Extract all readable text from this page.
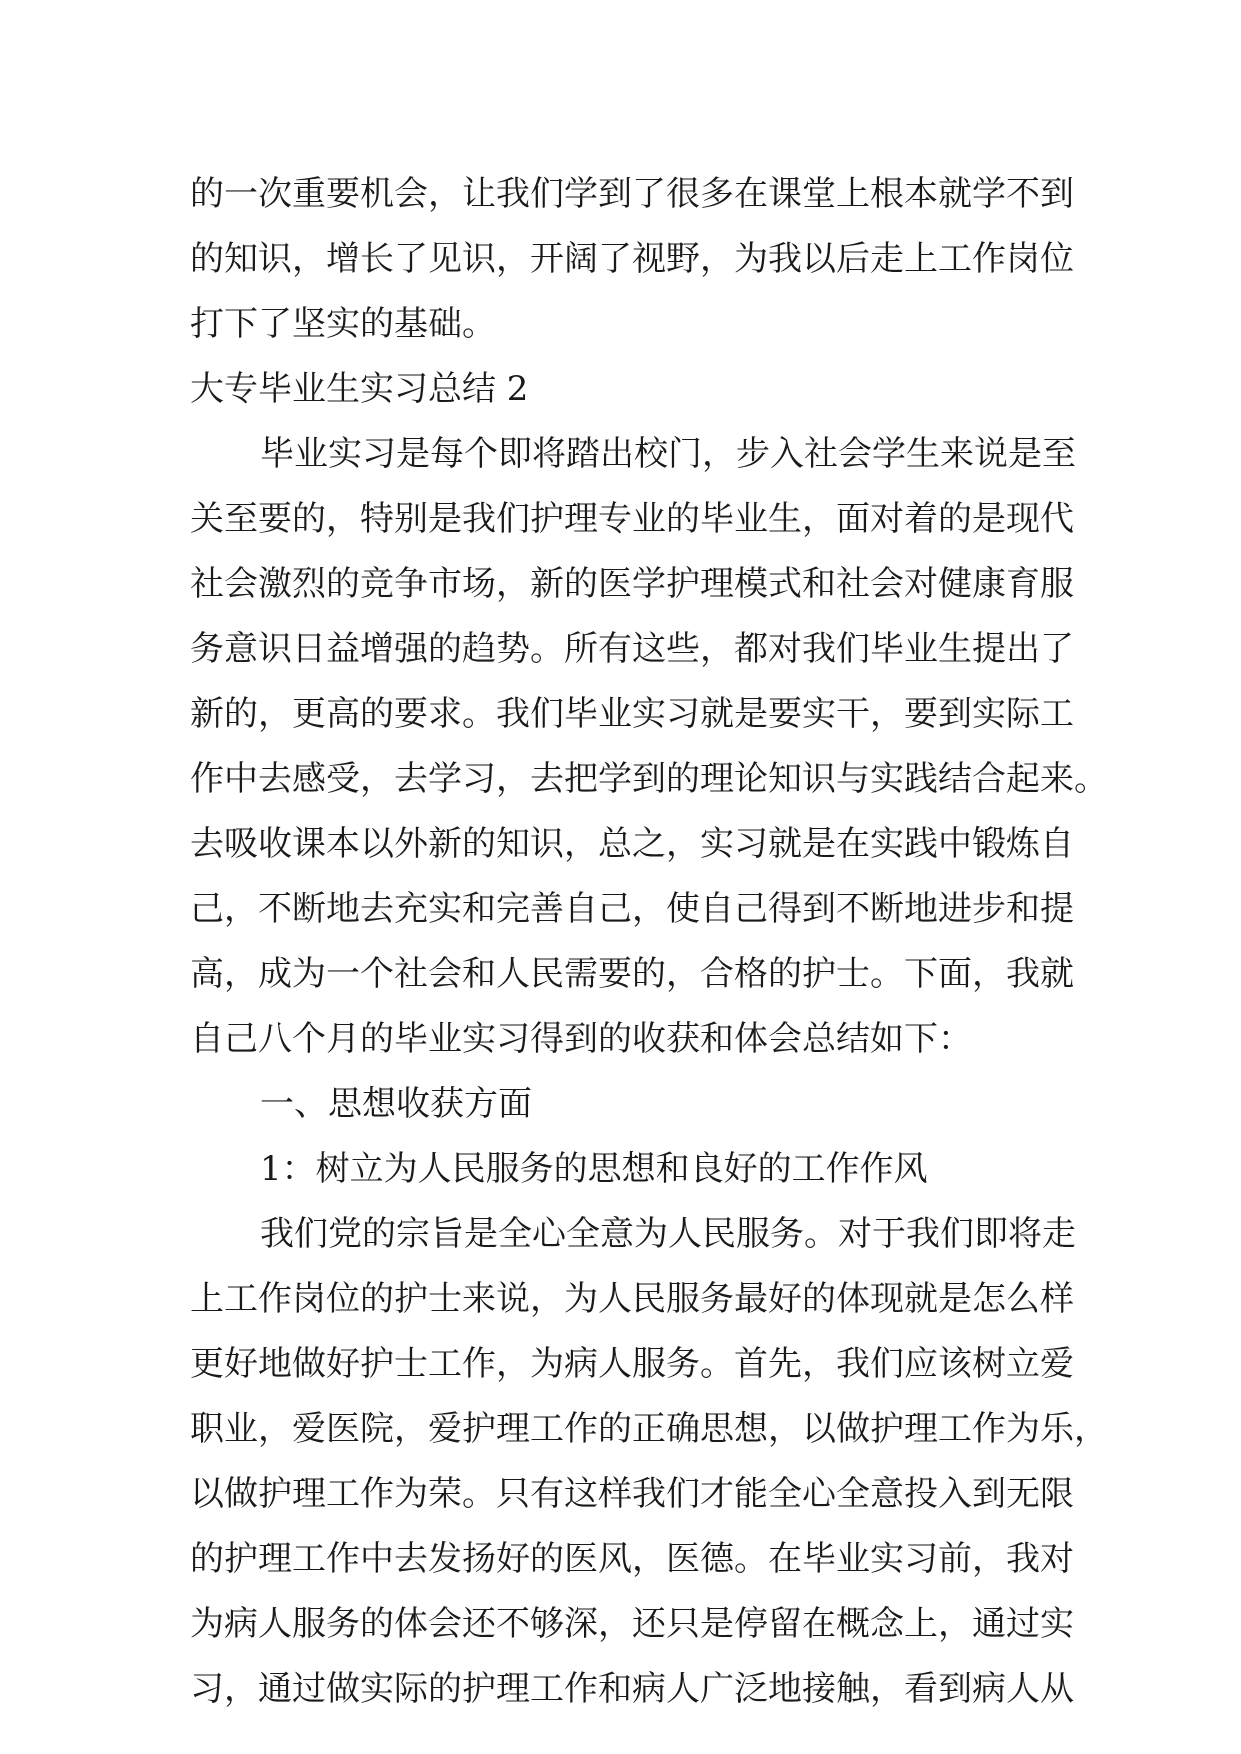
的一次重要机会，让我们学到了很多在课堂上根本就学不到
的知识，增长了见识，开阔了视野，为我以后走上工作岗位
打下了坚实的基础。
大专毕业生实习总结 2
毕业实习是每个即将踏出校门，步入社会学生来说是至
关至要的，特别是我们护理专业的毕业生，面对着的是现代
社会激烈的竞争市场，新的医学护理模式和社会对健康育服
务意识日益增强的趋势。所有这些，都对我们毕业生提出了
新的，更高的要求。我们毕业实习就是要实干，要到实际工
作中去感受，去学习，去把学到的理论知识与实践结合起来。
去吸收课本以外新的知识，总之，实习就是在实践中锻炼自
己，不断地去充实和完善自己，使自己得到不断地进步和提
高，成为一个社会和人民需要的，合格的护士。下面，我就
自己八个月的毕业实习得到的收获和体会总结如下：
一、思想收获方面
1：树立为人民服务的思想和良好的工作作风
我们党的宗旨是全心全意为人民服务。对于我们即将走
上工作岗位的护士来说，为人民服务最好的体现就是怎么样
更好地做好护士工作，为病人服务。首先，我们应该树立爱
职业，爱医院，爱护理工作的正确思想，以做护理工作为乐，
以做护理工作为荣。只有这样我们才能全心全意投入到无限
的护理工作中去发扬好的医风，医德。在毕业实习前，我对
为病人服务的体会还不够深，还只是停留在概念上，通过实
习，通过做实际的护理工作和病人广泛地接触，看到病人从
